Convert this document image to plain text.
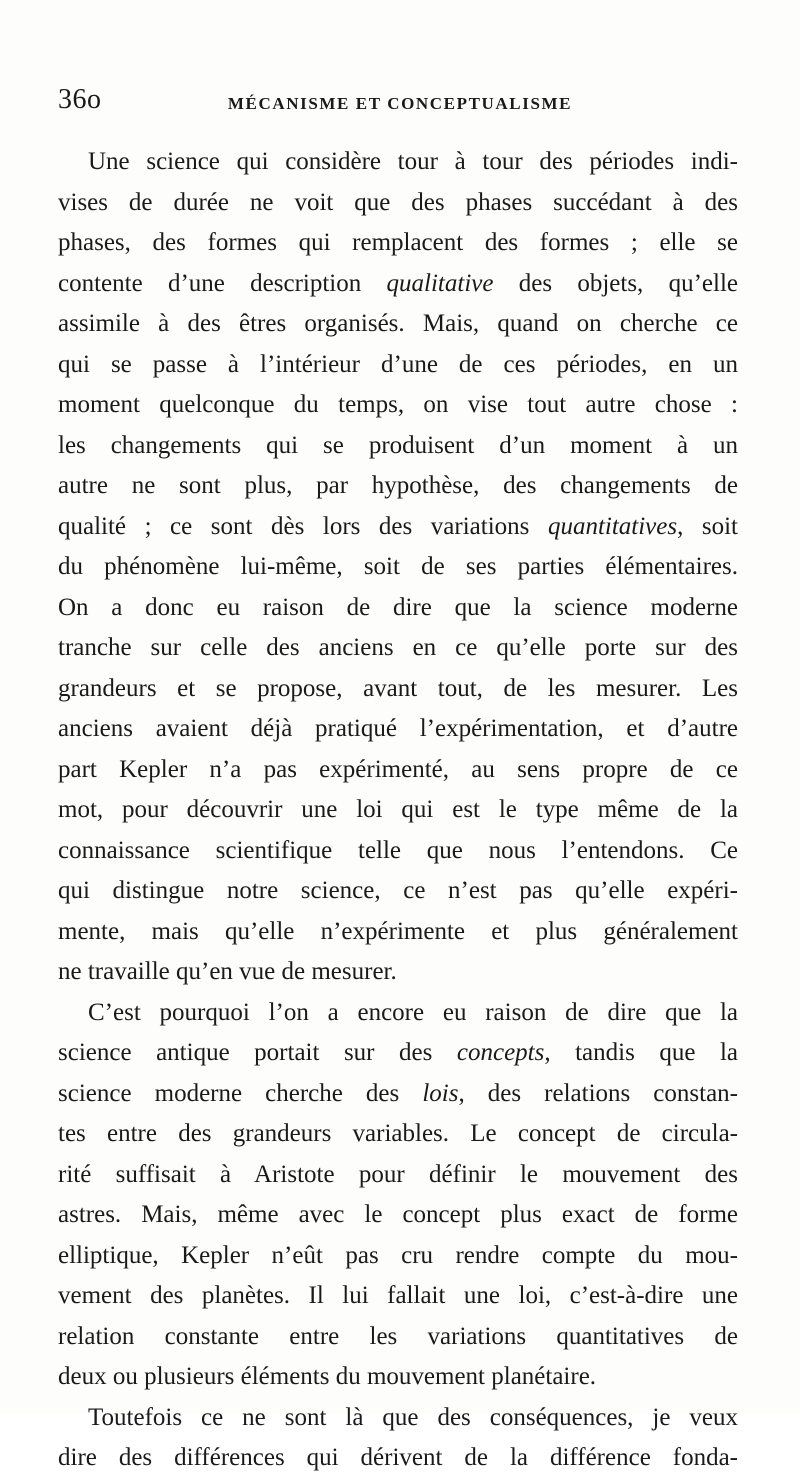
36o	MÉCANISME ET CONCEPTUALISME
Une science qui considère tour à tour des périodes indi-
vises de durée ne voit que des phases succédant à des
phases, des formes qui remplacent des formes ; elle se
contente d’une description qualitative des objets, qu’elle
assimile à des êtres organisés. Mais, quand on cherche ce
qui se passe à l’intérieur d’une de ces périodes, en un
moment quelconque du temps, on vise tout autre chose :
les changements qui se produisent d’un moment à un
autre ne sont plus, par hypothèse, des changements de
qualité ; ce sont dès lors des variations quantitatives, soit
du phénomène lui-même, soit de ses parties élémentaires.
On a donc eu raison de dire que la science moderne
tranche sur celle des anciens en ce qu’elle porte sur des
grandeurs et se propose, avant tout, de les mesurer. Les
anciens avaient déjà pratiqué l’expérimentation, et d’autre
part Kepler n’a pas expérimenté, au sens propre de ce
mot, pour découvrir une loi qui est le type même de la
connaissance scientifique telle que nous l’entendons. Ce
qui distingue notre science, ce n’est pas qu’elle expéri-
mente, mais qu’elle n’expérimente et plus généralement
ne travaille qu’en vue de mesurer.
C’est pourquoi l’on a encore eu raison de dire que la
science antique portait sur des concepts, tandis que la
science moderne cherche des lois, des relations constan-
tes entre des grandeurs variables. Le concept de circula-
rité suffisait à Aristote pour définir le mouvement des
astres. Mais, même avec le concept plus exact de forme
elliptique, Kepler n’eût pas cru rendre compte du mou-
vement des planètes. Il lui fallait une loi, c’est-à-dire une
relation constante entre les variations quantitatives de
deux ou plusieurs éléments du mouvement planétaire.
Toutefois ce ne sont là que des conséquences, je veux
dire des différences qui dérivent de la différence fonda-
